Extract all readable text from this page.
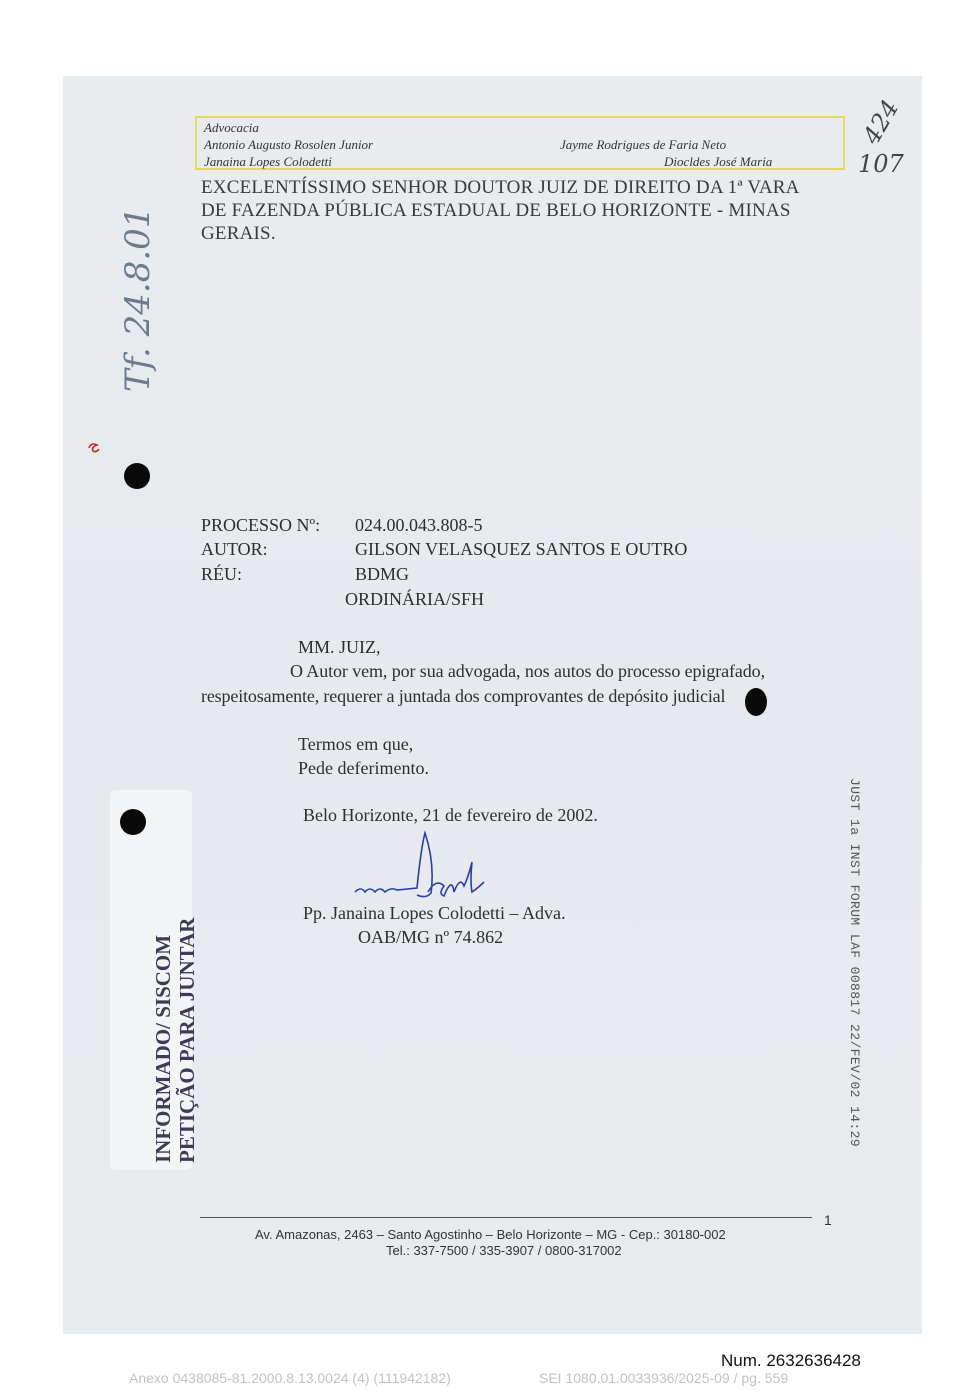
Advocacia
Antonio Augusto Rosolen Junior
Janaina Lopes Colodetti
Jayme Rodrigues de Faria Neto
Diocldes José Maria
EXCELENTÍSSIMO SENHOR DOUTOR JUIZ DE DIREITO DA 1ª VARA
DE FAZENDA PÚBLICA ESTADUAL DE BELO HORIZONTE - MINAS
GERAIS.
PROCESSO Nº: 024.00.043.808-5
AUTOR:	GILSON VELASQUEZ SANTOS E OUTRO
RÉU:	BDMG
ORDINÁRIA/SFH
MM. JUIZ,
O Autor vem, por sua advogada, nos autos do processo epigrafado,
respeitosamente, requerer a juntada dos comprovantes de depósito judicial
Termos em que,
Pede deferimento.
Belo Horizonte, 21 de fevereiro de 2002.
Pp. Janaina Lopes Colodetti – Adva.
OAB/MG nº 74.862
1
Av. Amazonas, 2463 – Santo Agostinho – Belo Horizonte – MG - Cep.: 30180-002
Tel.: 337-7500 / 335-3907 / 0800-317002
INFORMADO/ SISCOM PETIÇÃO PARA JUNTAR	JUST 1a INST FORUM LAF 008817 22/FEV/02 14:29
Tf. 24.8.01
424
107
Num. 2632636428
Anexo 0438085-81.2000.8.13.0024 (4) (111942182)	SEI 1080.01.0033936/2025-09 / pg. 559
